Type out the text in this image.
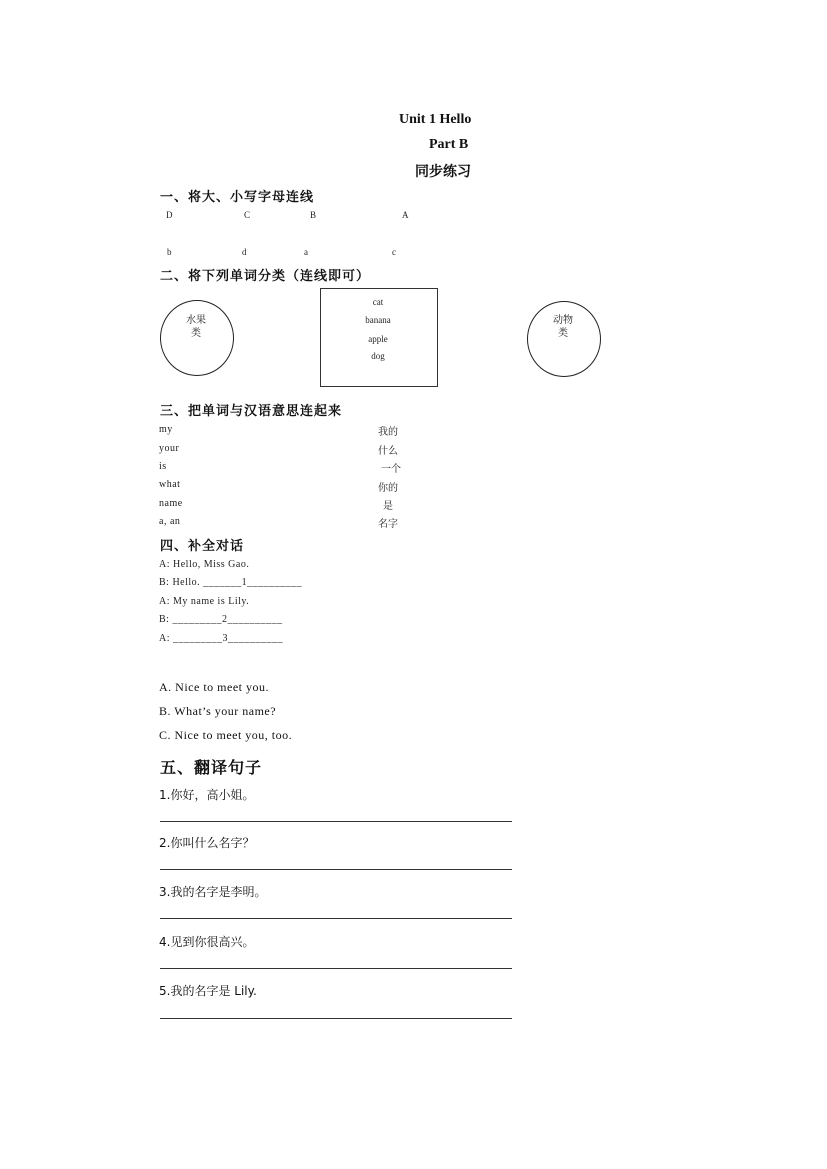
Unit 1 Hello
Part B
同步练习
一、将大、小写字母连线
D	C	B	A
b	d	a	c
二、将下列单词分类（连线即可）
水果
类
cat
banana
apple
dog
动物
类
三、把单词与汉语意思连起来
my
your
is
what
name
a, an
我的
什么
一个
你的
是
名字
四、补全对话
A: Hello, Miss Gao.
B: Hello. _______1__________
A: My name is Lily.
B: _________2__________
A: _________3__________
A. Nice to meet you.
B. What’s your name?
C. Nice to meet you, too.
五、翻译句子
1.你好，高小姐。
2.你叫什么名字？
3.我的名字是李明。
4.见到你很高兴。
5.我的名字是 Lily.
